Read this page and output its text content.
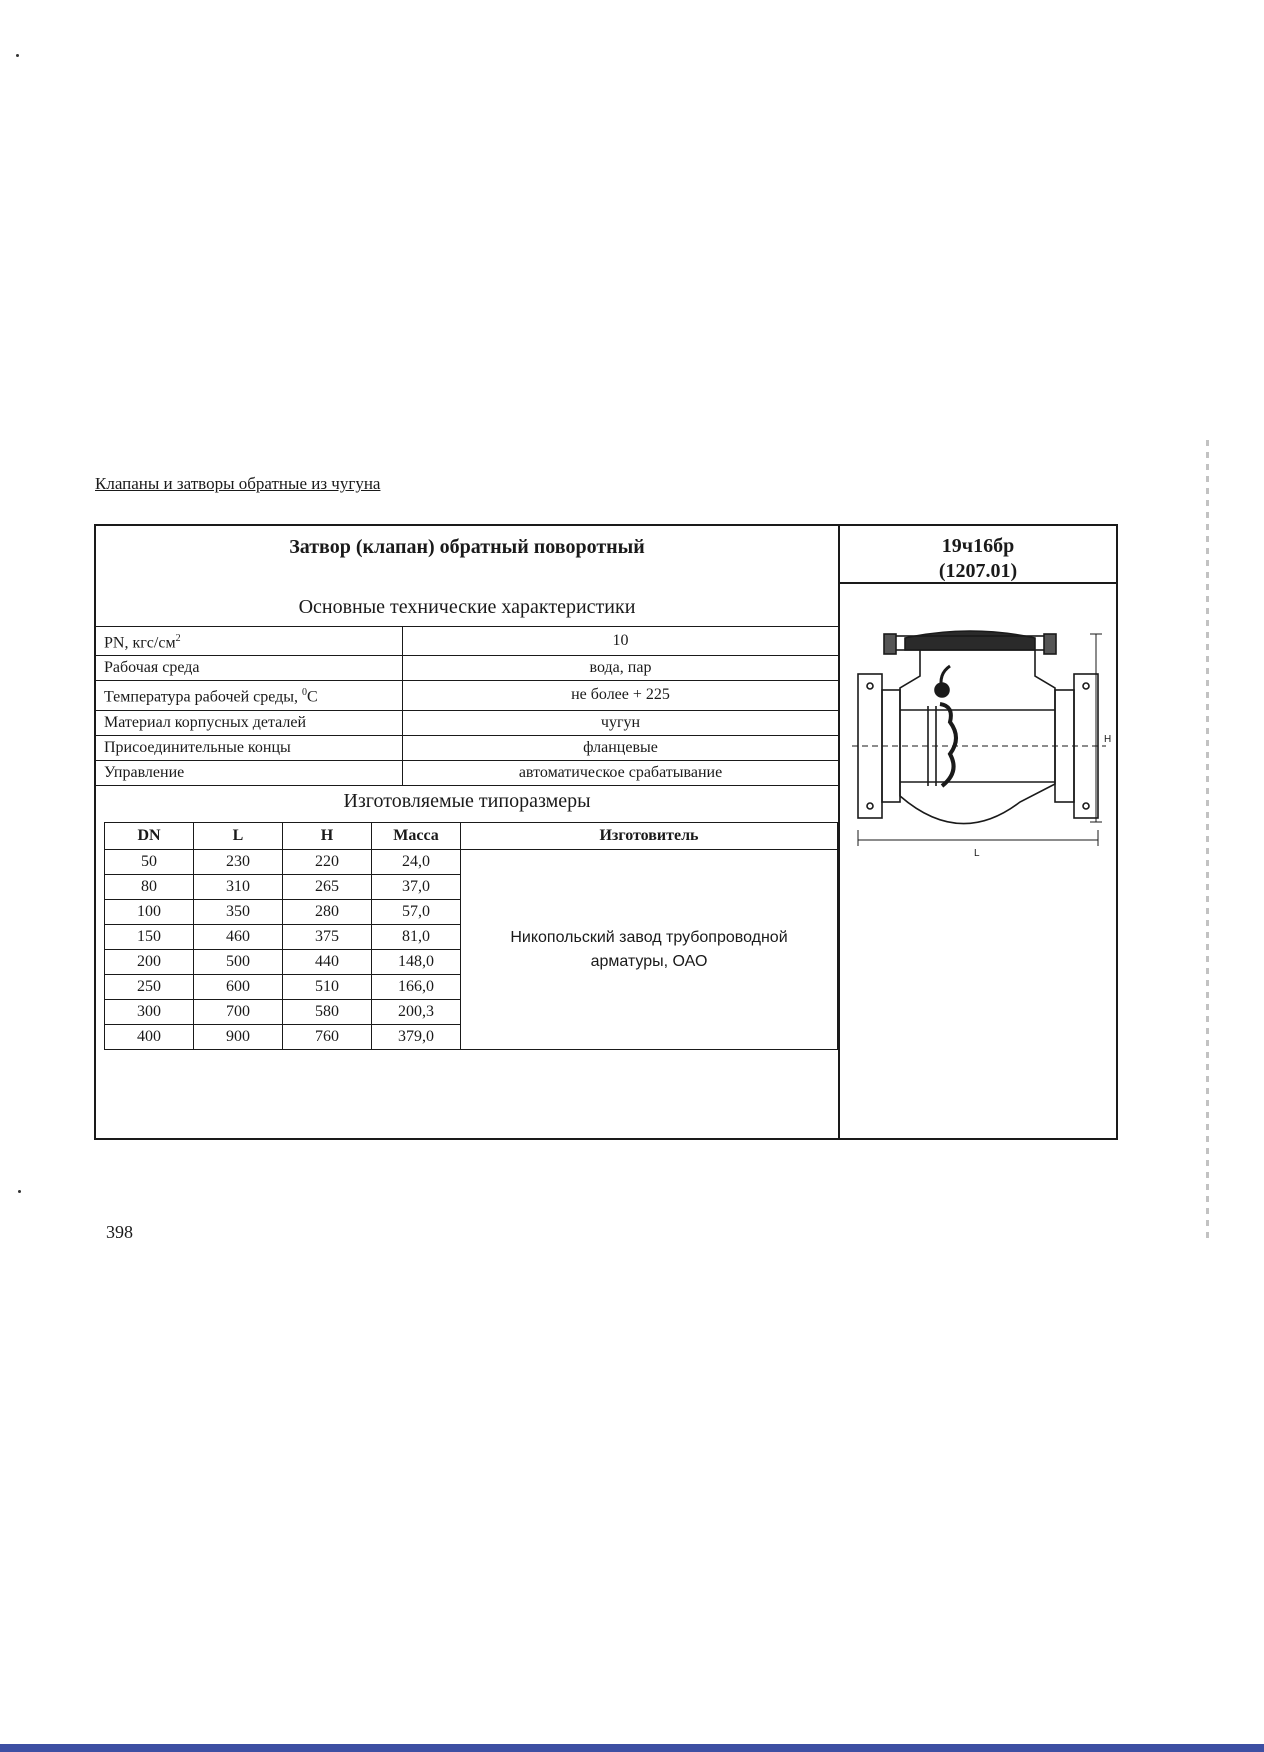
Клапаны и затворы обратные из чугуна
Затвор (клапан) обратный поворотный	19ч16бр
(1207.01)
Основные технические характеристики
PN, кгс/$см^2$	10
Рабочая среда	вода, пар
Температура рабочей среды, $^0$C	не более + 225
Материал корпусных деталей	чугун
Присоединительные концы	фланцевые
Управление	автоматическое срабатывание
Изготовляемые типоразмеры
DN	L	H	Масса	Изготовитель
50	230	220	24,0	Никопольский завод трубопроводной
арматуры, ОАО

80	310	265	37,0	
100	350	280	57,0	
150	460	375	81,0	
200	500	440	148,0	
250	600	510	166,0	
300	700	580	200,3	
400	900	760	379,0	
H
L
398
